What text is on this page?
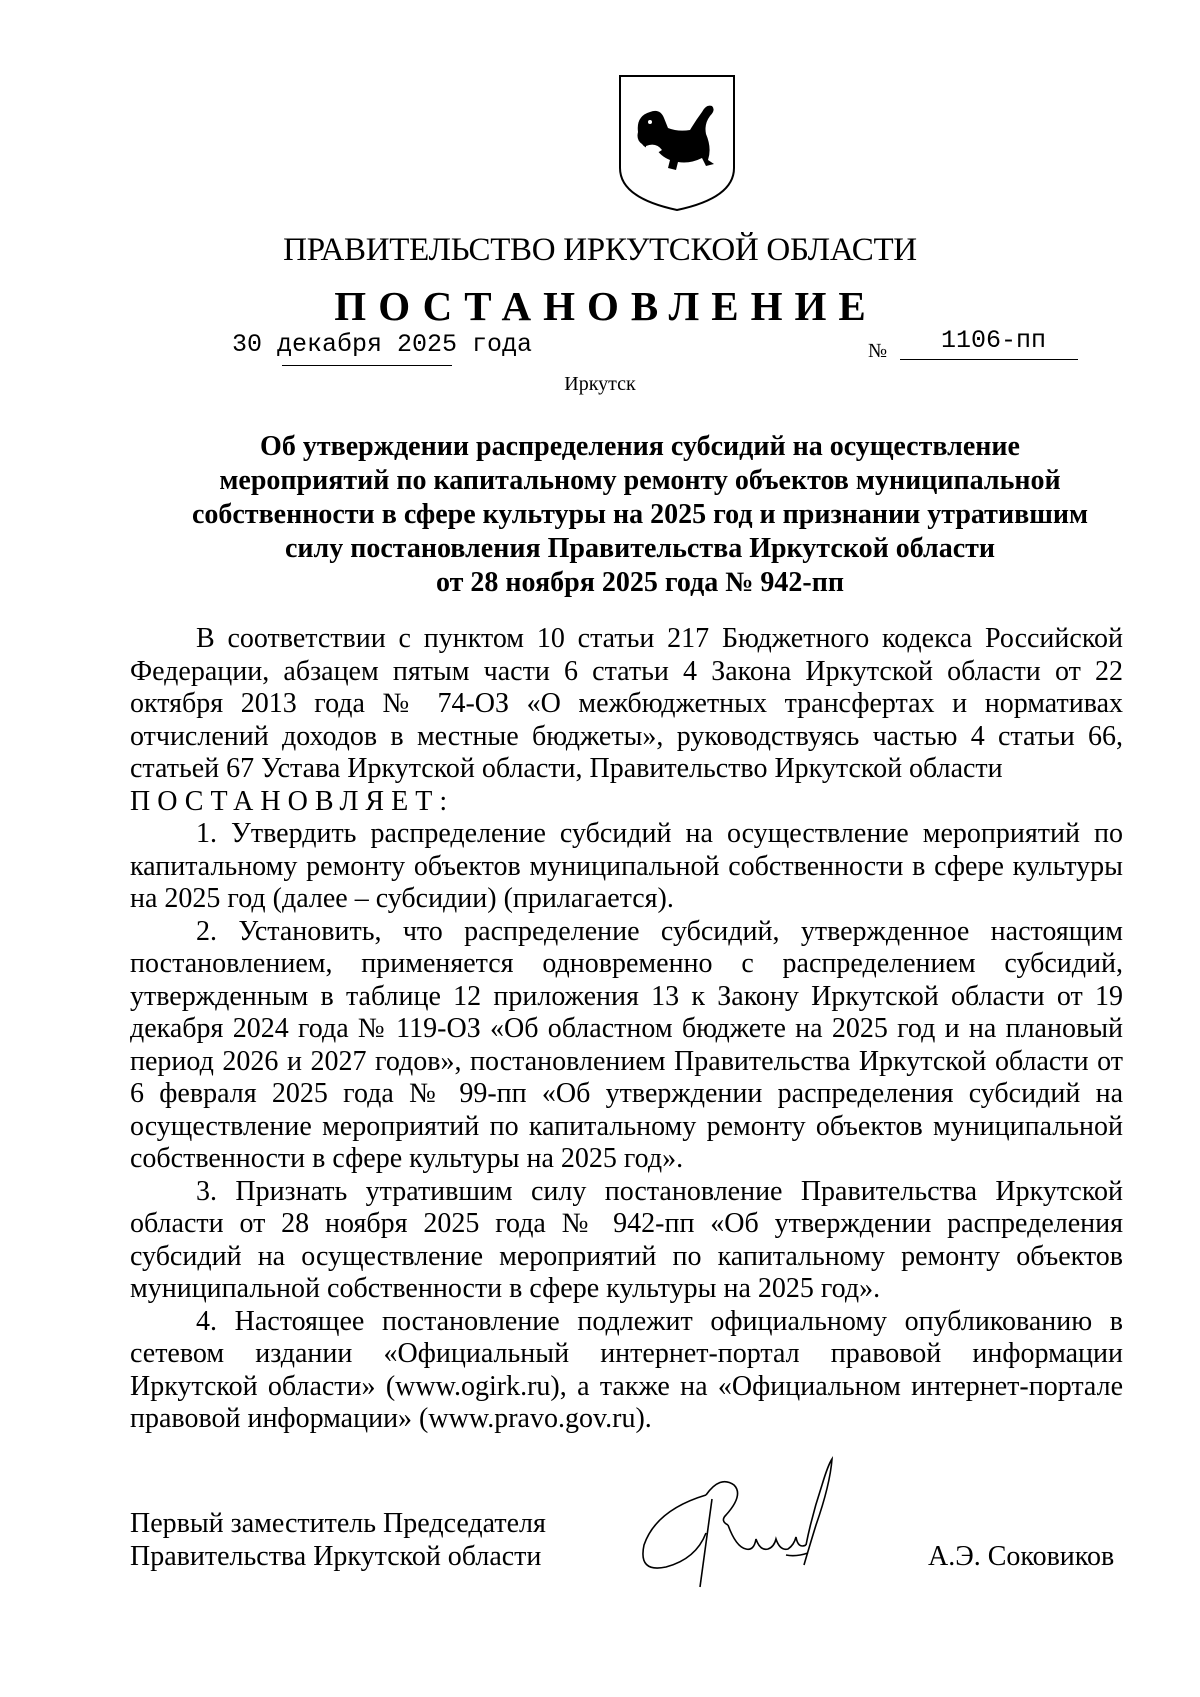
ПРАВИТЕЛЬСТВО ИРКУТСКОЙ ОБЛАСТИ
ПОСТАНОВЛЕНИЕ
30 декабря 2025 года	№ 1106-пп
Иркутск
Об утверждении распределения субсидий на осуществление
мероприятий по капитальному ремонту объектов муниципальной
собственности в сфере культуры на 2025 год и признании утратившим
силу постановления Правительства Иркутской области
от 28 ноября 2025 года № 942-пп

В соответствии с пунктом 10 статьи 217 Бюджетного кодекса Российской Федерации, абзацем пятым части 6 статьи 4 Закона Иркутской области от 22 октября 2013 года № 74-ОЗ «О межбюджетных трансфертах и нормативах отчислений доходов в местные бюджеты», руководствуясь частью 4 статьи 66, статьей 67 Устава Иркутской области, Правительство Иркутской области

ПОСТАНОВЛЯЕТ:

1. Утвердить распределение субсидий на осуществление мероприятий по капитальному ремонту объектов муниципальной собственности в сфере культуры на 2025 год (далее – субсидии) (прилагается).

2. Установить, что распределение субсидий, утвержденное настоящим постановлением, применяется одновременно с распределением субсидий, утвержденным в таблице 12 приложения 13 к Закону Иркутской области от 19 декабря 2024 года № 119-ОЗ «Об областном бюджете на 2025 год и на плановый период 2026 и 2027 годов», постановлением Правительства Иркутской области от 6 февраля 2025 года № 99-пп «Об утверждении распределения субсидий на осуществление мероприятий по капитальному ремонту объектов муниципальной собственности в сфере культуры на 2025 год».

3. Признать утратившим силу постановление Правительства Иркутской области от 28 ноября 2025 года № 942-пп «Об утверждении распределения субсидий на осуществление мероприятий по капитальному ремонту объектов муниципальной собственности в сфере культуры на 2025 год».

4. Настоящее постановление подлежит официальному опубликованию в сетевом издании «Официальный интернет-портал правовой информации Иркутской области» (www.ogirk.ru), а также на «Официальном интернет-портале правовой информации» (www.pravo.gov.ru).

Первый заместитель Председателя
Правительства Иркутской области	А.Э. Соковиков
